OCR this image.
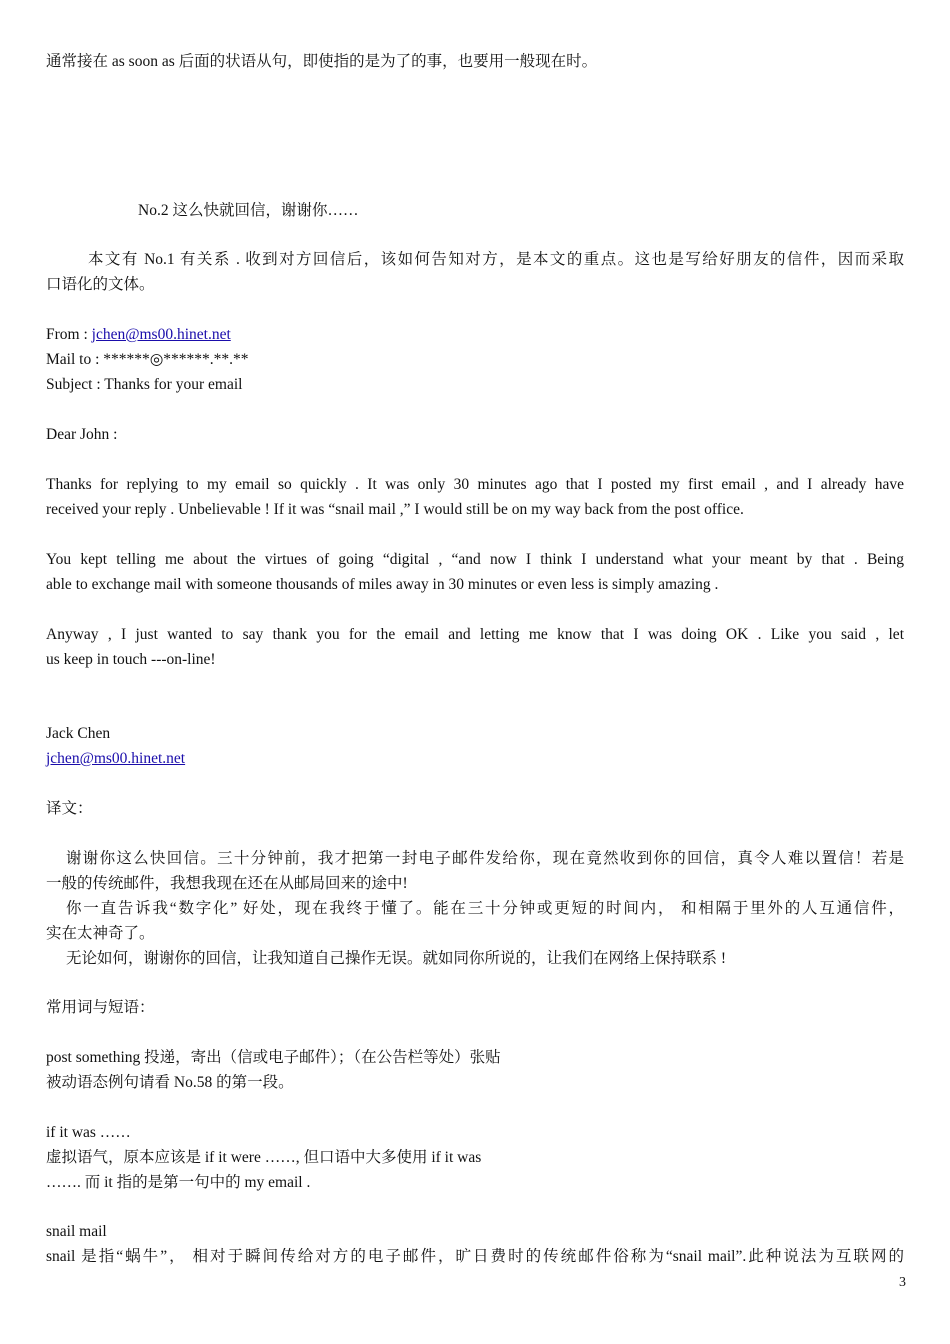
通常接在 as soon as 后面的状语从句，即使指的是为了的事，也要用一般现在时。
No.2 这么快就回信，谢谢你……
本文有 No.1 有关系 . 收到对方回信后，该如何告知对方，是本文的重点。这也是写给好朋友的信件，因而采取
口语化的文体。
From : jchen@ms00.hinet.net
Mail to : ******◎******.**.**
Subject : Thanks for your email
Dear John :
Thanks for replying to my email so quickly . It was only 30 minutes ago that I posted my first email , and I already have
received your reply . Unbelievable ! If it was “snail mail ,” I would still be on my way back from the post office.
You kept telling me about the virtues of going “digital , “and now I think I understand what your meant by that . Being
able to exchange mail with someone thousands of miles away in 30 minutes or even less is simply amazing .
Anyway , I just wanted to say thank you for the email and letting me know that I was doing OK . Like you said , let
us keep in touch ---on-line!
Jack Chen
jchen@ms00.hinet.net
译文：
谢谢你这么快回信。三十分钟前，我才把第一封电子邮件发给你，现在竟然收到你的回信，真令人难以置信！若是
一般的传统邮件，我想我现在还在从邮局回来的途中!
你一直告诉我“数字化” 好处，现在我终于懂了。能在三十分钟或更短的时间内， 和相隔于里外的人互通信件，
实在太神奇了。
无论如何，谢谢你的回信，让我知道自己操作无误。就如同你所说的，让我们在网络上保持联系 !
常用词与短语：
post something 投递，寄出（信或电子邮件）；（在公告栏等处）张贴
被动语态例句请看 No.58 的第一段。
if it was ……
虚拟语气，原本应该是 if it were ……, 但口语中大多使用 if it was
……. 而 it 指的是第一句中的 my email .
snail mail
snail 是指“蜗牛”， 相对于瞬间传给对方的电子邮件，旷日费时的传统邮件俗称为“snail mail”.此种说法为互联网的
3
